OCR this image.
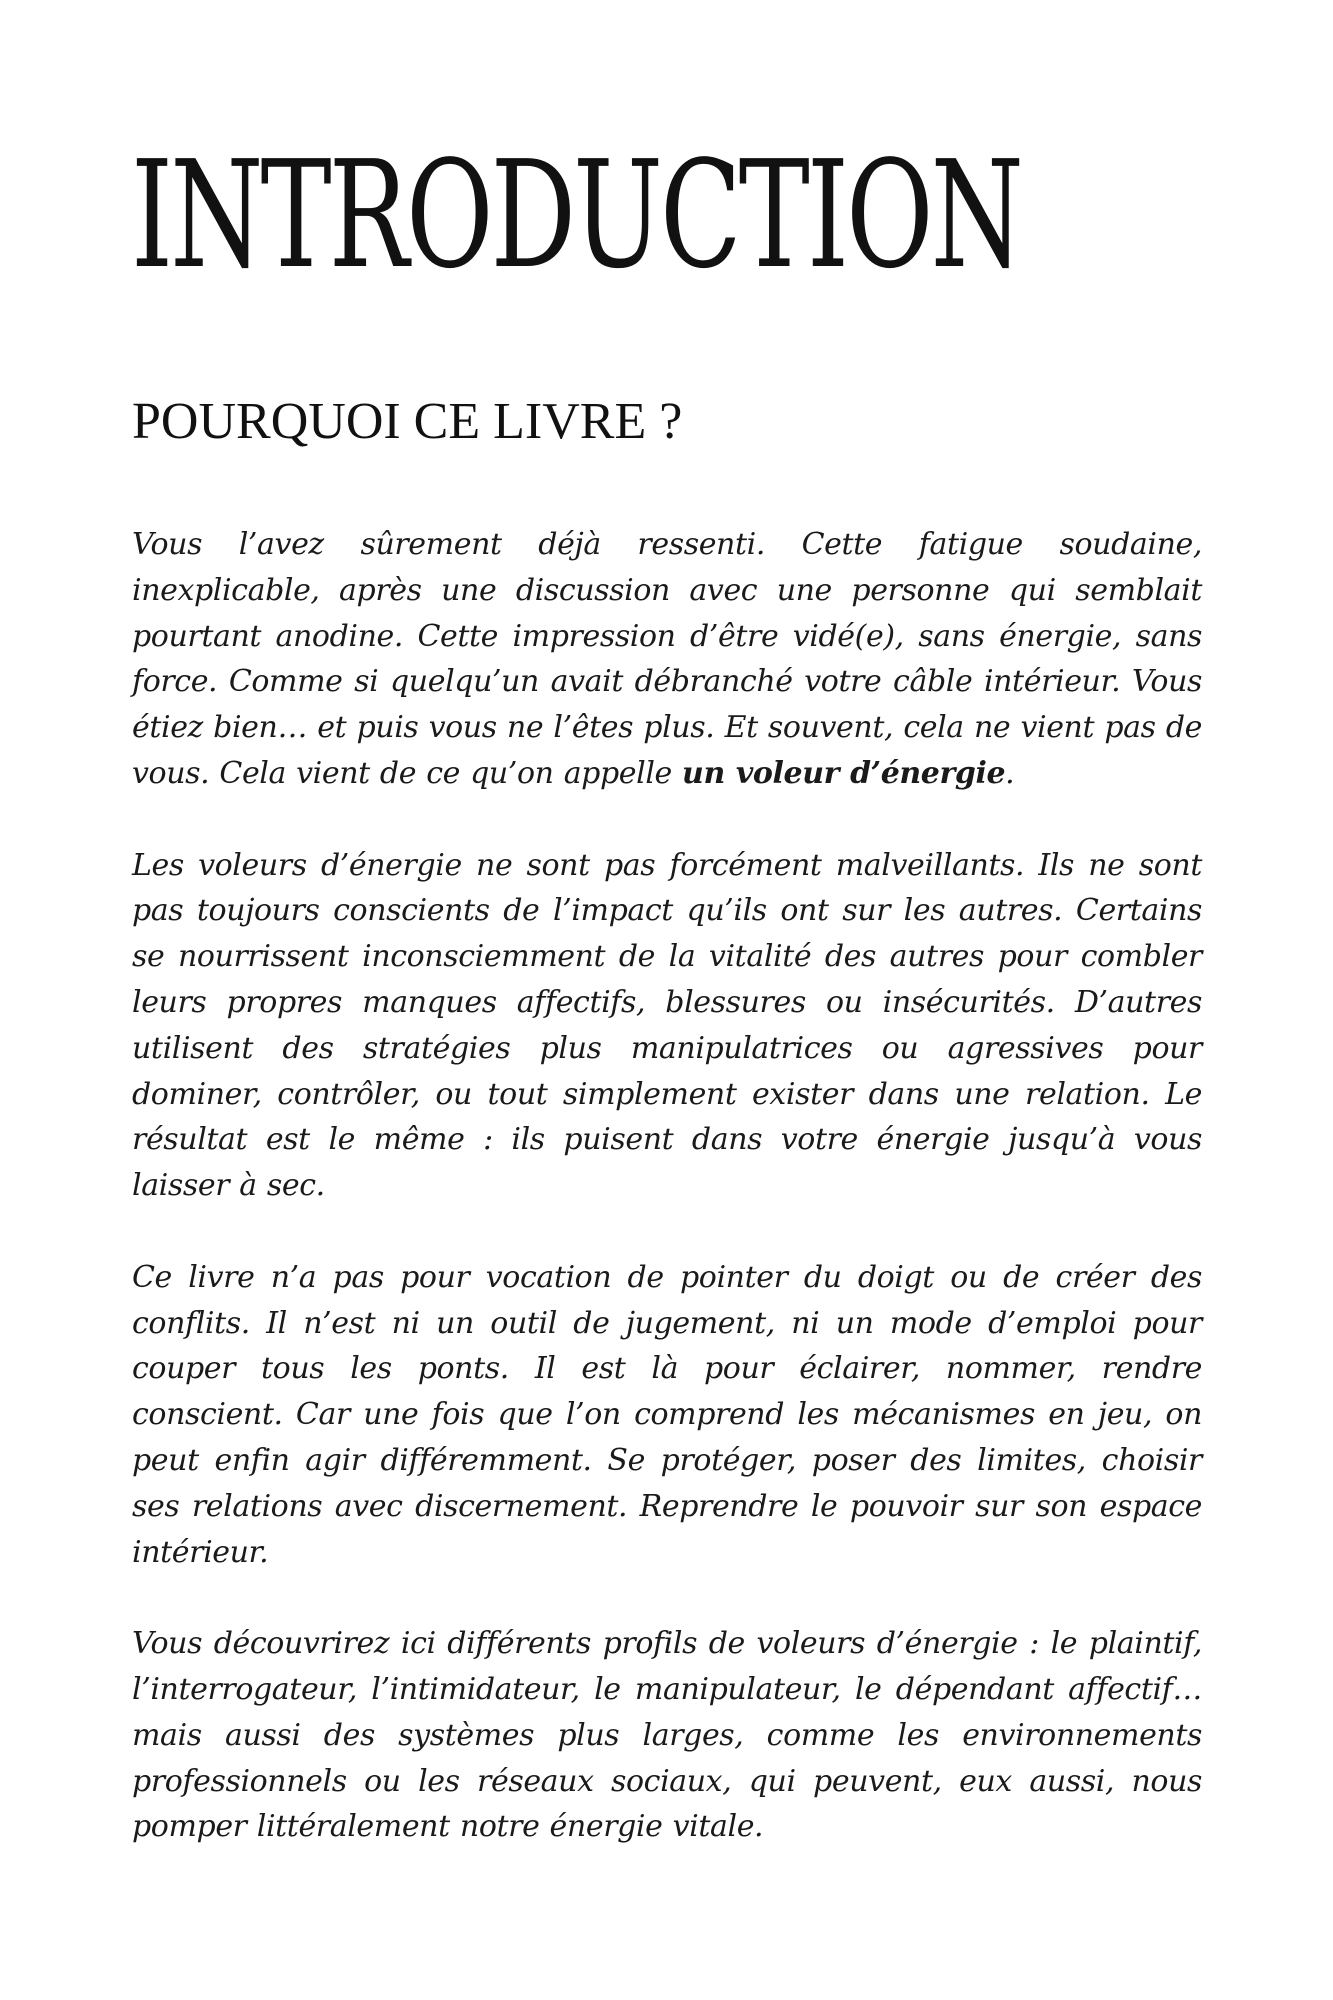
INTRODUCTION
POURQUOI CE LIVRE ?

Vous l’avez sûrement déjà ressenti. Cette fatigue soudaine, inexplicable, après une discussion avec une personne qui semblait pourtant anodine. Cette impression d’être vidé(e), sans énergie, sans force. Comme si quelqu’un avait débranché votre câble intérieur. Vous étiez bien… et puis vous ne l’êtes plus. Et souvent, cela ne vient pas de vous. Cela vient de ce qu’on appelle un voleur d’énergie.

Les voleurs d’énergie ne sont pas forcément malveillants. Ils ne sont pas toujours conscients de l’impact qu’ils ont sur les autres. Certains se nourrissent inconsciemment de la vitalité des autres pour combler leurs propres manques affectifs, blessures ou insécurités. D’autres utilisent des stratégies plus manipulatrices ou agressives pour dominer, contrôler, ou tout simplement exister dans une relation. Le résultat est le même : ils puisent dans votre énergie jusqu’à vous laisser à sec.

Ce livre n’a pas pour vocation de pointer du doigt ou de créer des conflits. Il n’est ni un outil de jugement, ni un mode d’emploi pour couper tous les ponts. Il est là pour éclairer, nommer, rendre conscient. Car une fois que l’on comprend les mécanismes en jeu, on peut enfin agir différemment. Se protéger, poser des limites, choisir ses relations avec discernement. Reprendre le pouvoir sur son espace intérieur.

Vous découvrirez ici différents profils de voleurs d’énergie : le plaintif, l’interrogateur, l’intimidateur, le manipulateur, le dépendant affectif… mais aussi des systèmes plus larges, comme les environnements professionnels ou les réseaux sociaux, qui peuvent, eux aussi, nous pomper littéralement notre énergie vitale.
